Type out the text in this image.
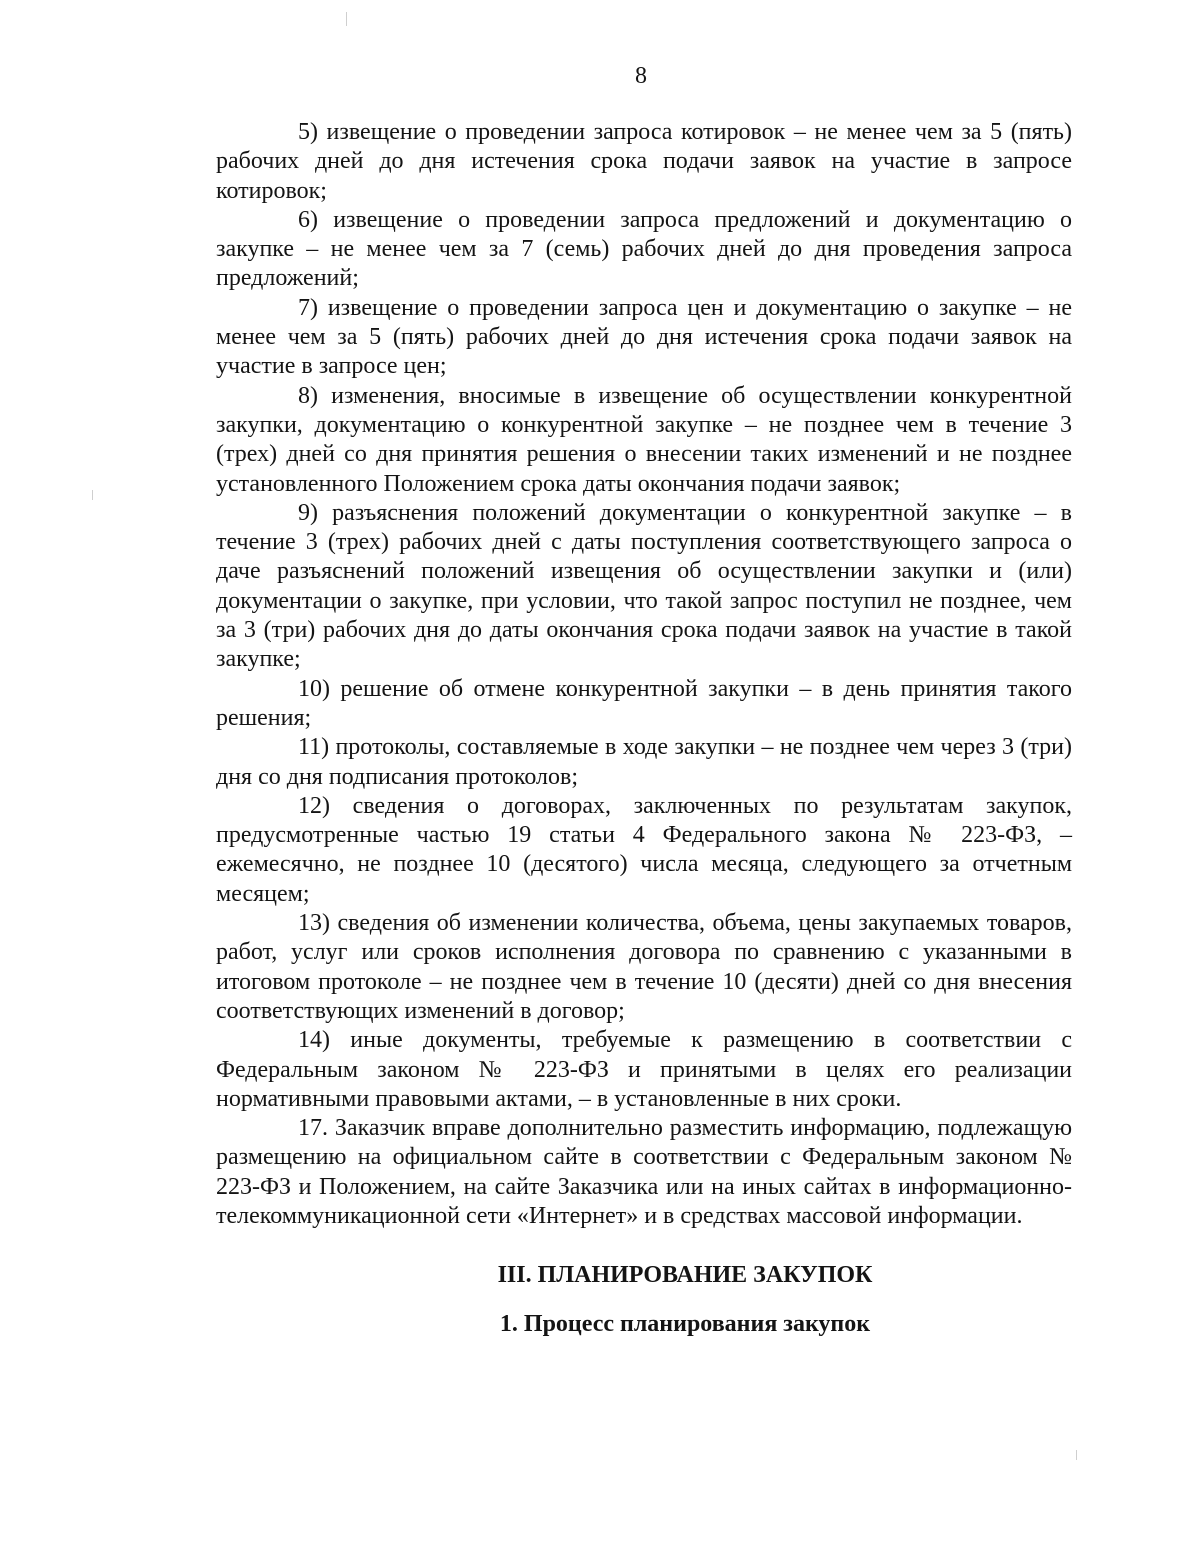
8

5) извещение о проведении запроса котировок – не менее чем за 5 (пять) рабочих дней до дня истечения срока подачи заявок на участие в запросе котировок;

6) извещение о проведении запроса предложений и документацию о закупке – не менее чем за 7 (семь) рабочих дней до дня проведения запроса предложений;

7) извещение о проведении запроса цен и документацию о закупке – не менее чем за 5 (пять) рабочих дней до дня истечения срока подачи заявок на участие в запросе цен;

8) изменения, вносимые в извещение об осуществлении конкурентной закупки, документацию о конкурентной закупке – не позднее чем в течение 3 (трех) дней со дня принятия решения о внесении таких изменений и не позднее установленного Положением срока даты окончания подачи заявок;

9) разъяснения положений документации о конкурентной закупке – в течение 3 (трех) рабочих дней с даты поступления соответствующего запроса о даче разъяснений положений извещения об осуществлении закупки и (или) документации о закупке, при условии, что такой запрос поступил не позднее, чем за 3 (три) рабочих дня до даты окончания срока подачи заявок на участие в такой закупке;

10) решение об отмене конкурентной закупки – в день принятия такого решения;

11) протоколы, составляемые в ходе закупки – не позднее чем через 3 (три) дня со дня подписания протоколов;

12) сведения о договорах, заключенных по результатам закупок, предусмотренные частью 19 статьи 4 Федерального закона № 223-ФЗ, – ежемесячно, не позднее 10 (десятого) числа месяца, следующего за отчетным месяцем;

13) сведения об изменении количества, объема, цены закупаемых товаров, работ, услуг или сроков исполнения договора по сравнению с указанными в итоговом протоколе – не позднее чем в течение 10 (десяти) дней со дня внесения соответствующих изменений в договор;

14) иные документы, требуемые к размещению в соответствии с Федеральным законом № 223-ФЗ и принятыми в целях его реализации нормативными правовыми актами, – в установленные в них сроки.

17. Заказчик вправе дополнительно разместить информацию, подлежащую размещению на официальном сайте в соответствии с Федеральным законом № 223-ФЗ и Положением, на сайте Заказчика или на иных сайтах в информационно-телекоммуникационной сети «Интернет» и в средствах массовой информации.

III. ПЛАНИРОВАНИЕ ЗАКУПОК
1. Процесс планирования закупок
